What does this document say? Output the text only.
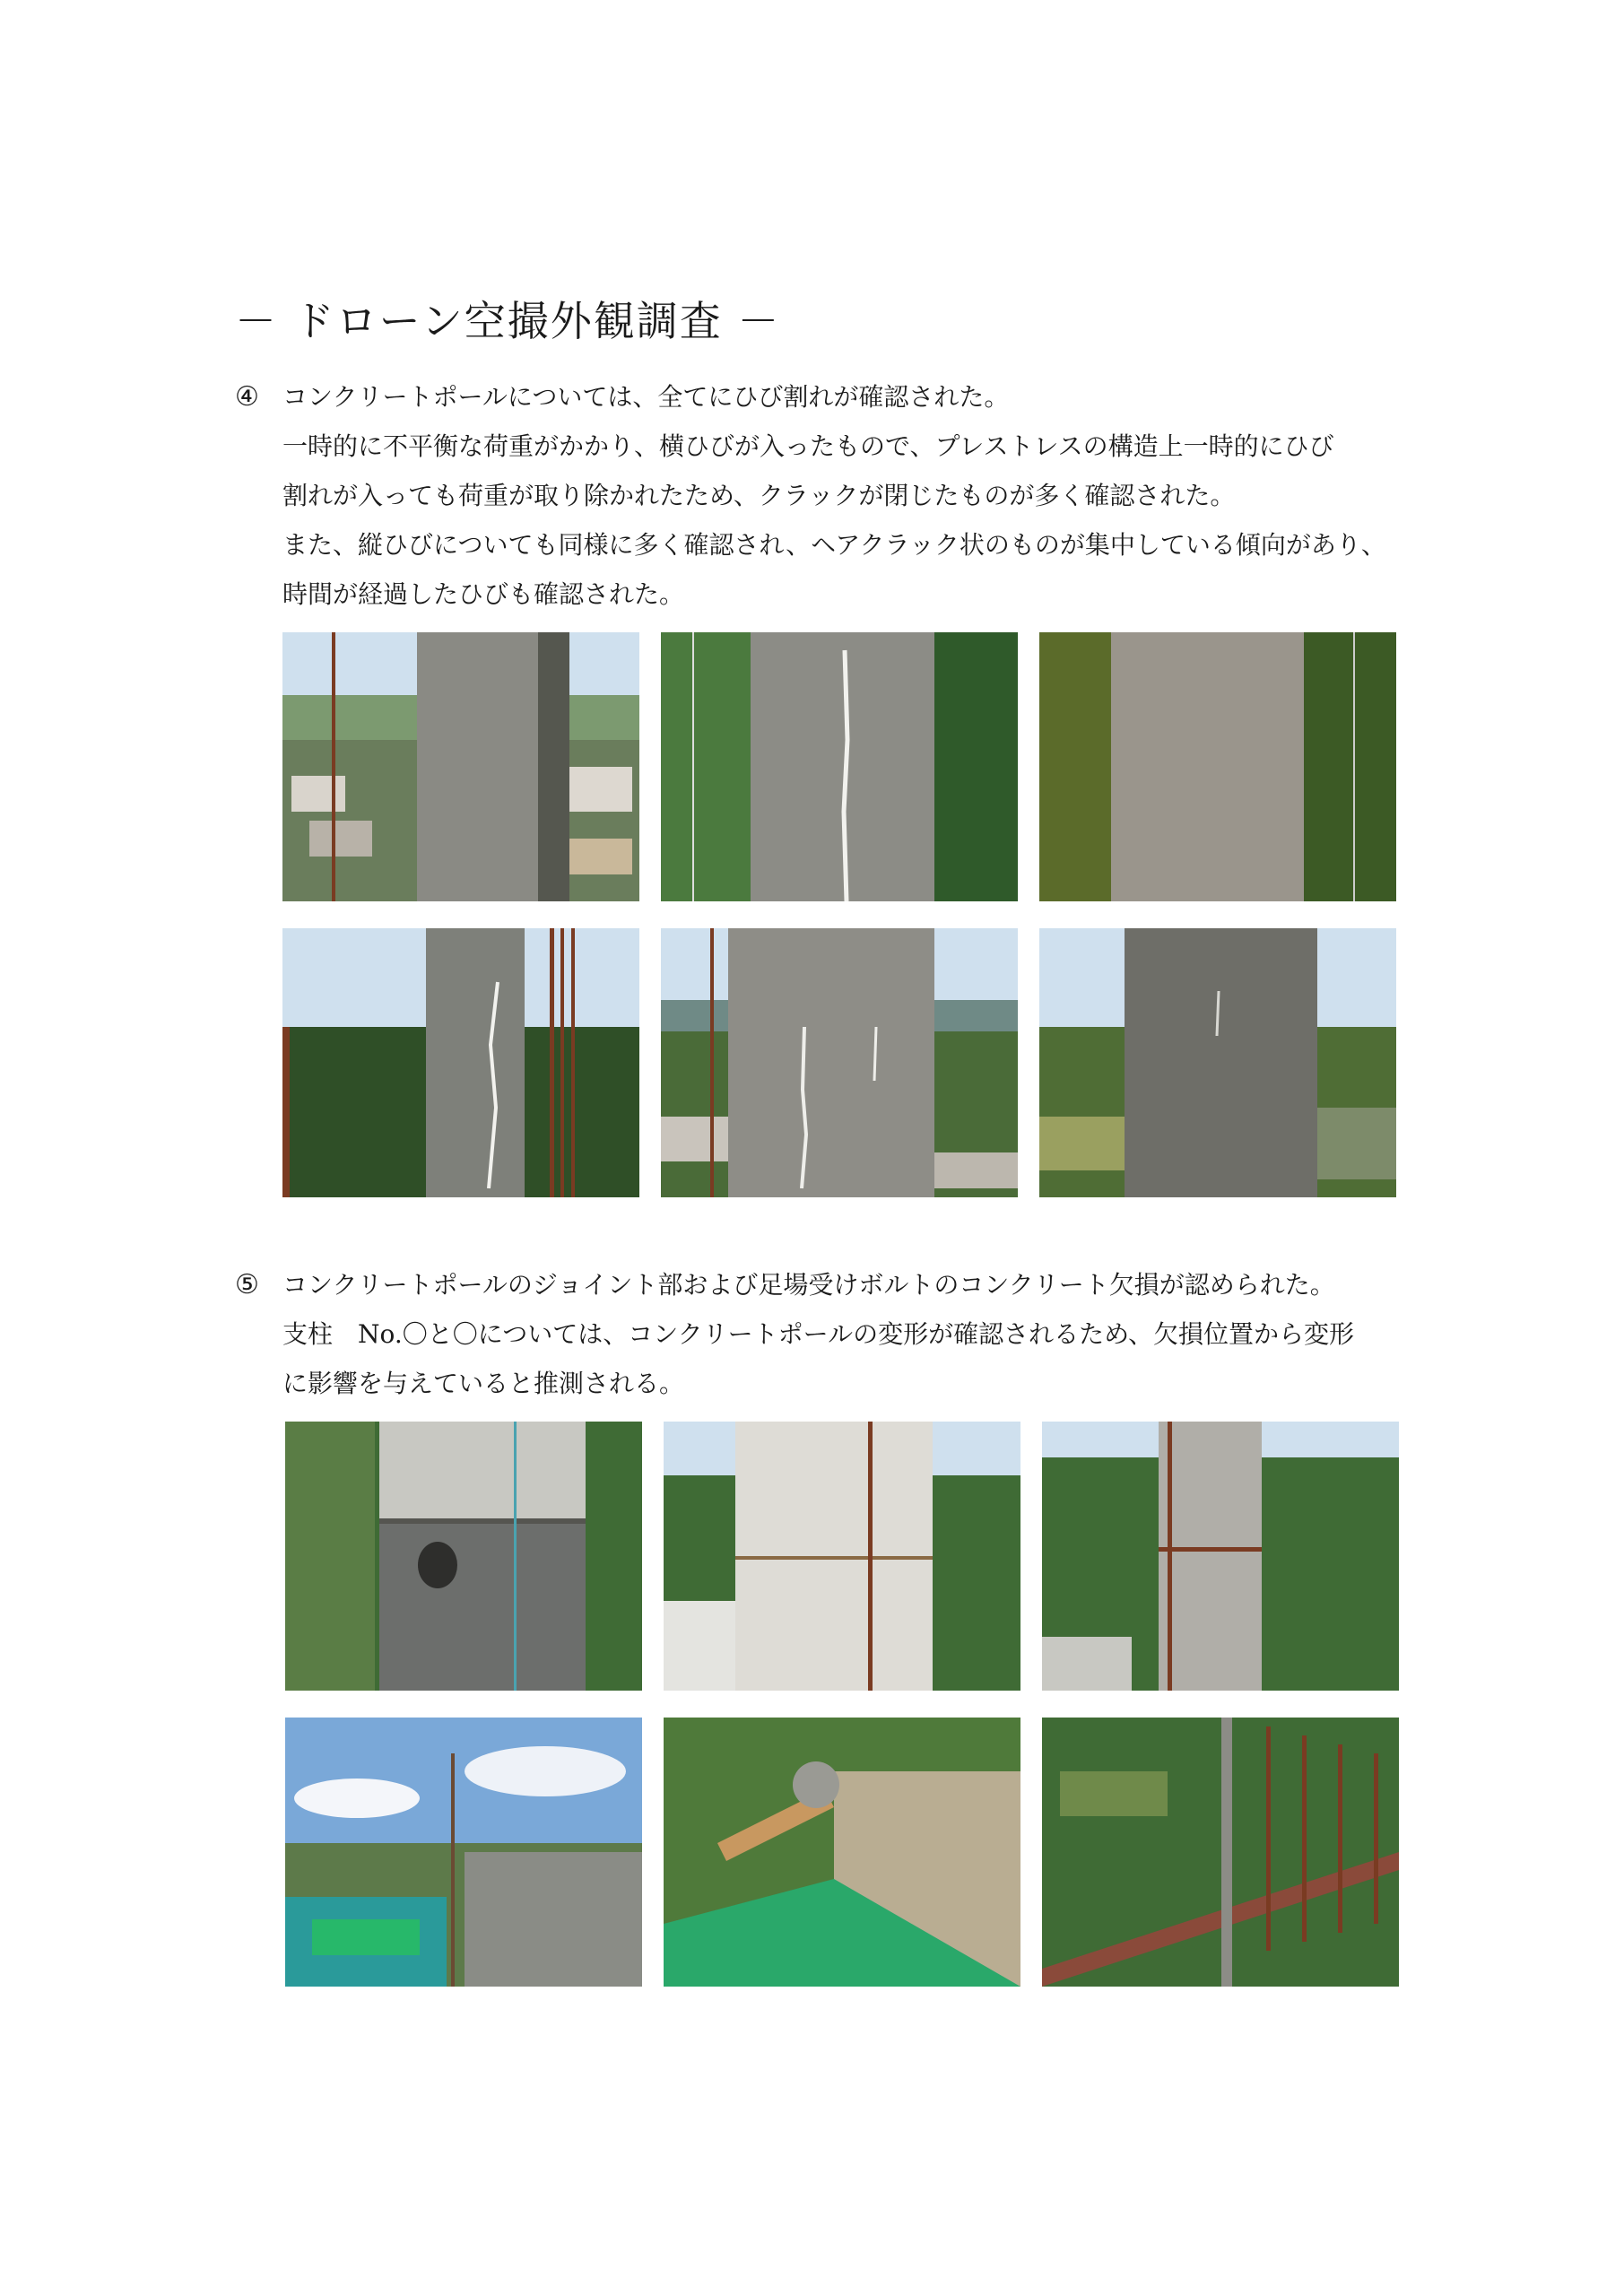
－ ドローン空撮外観調査 －
④ コンクリートポールについては、全てにひび割れが確認された。
一時的に不平衡な荷重がかかり、横ひびが入ったもので、プレストレスの構造上一時的にひび
割れが入っても荷重が取り除かれたため、クラックが閉じたものが多く確認された。
また、縦ひびについても同様に多く確認され、ヘアクラック状のものが集中している傾向があり、
時間が経過したひびも確認された。
⑤ コンクリートポールのジョイント部および足場受けボルトのコンクリート欠損が認められた。
支柱　No.〇と〇については、コンクリートポールの変形が確認されるため、欠損位置から変形
に影響を与えていると推測される。
